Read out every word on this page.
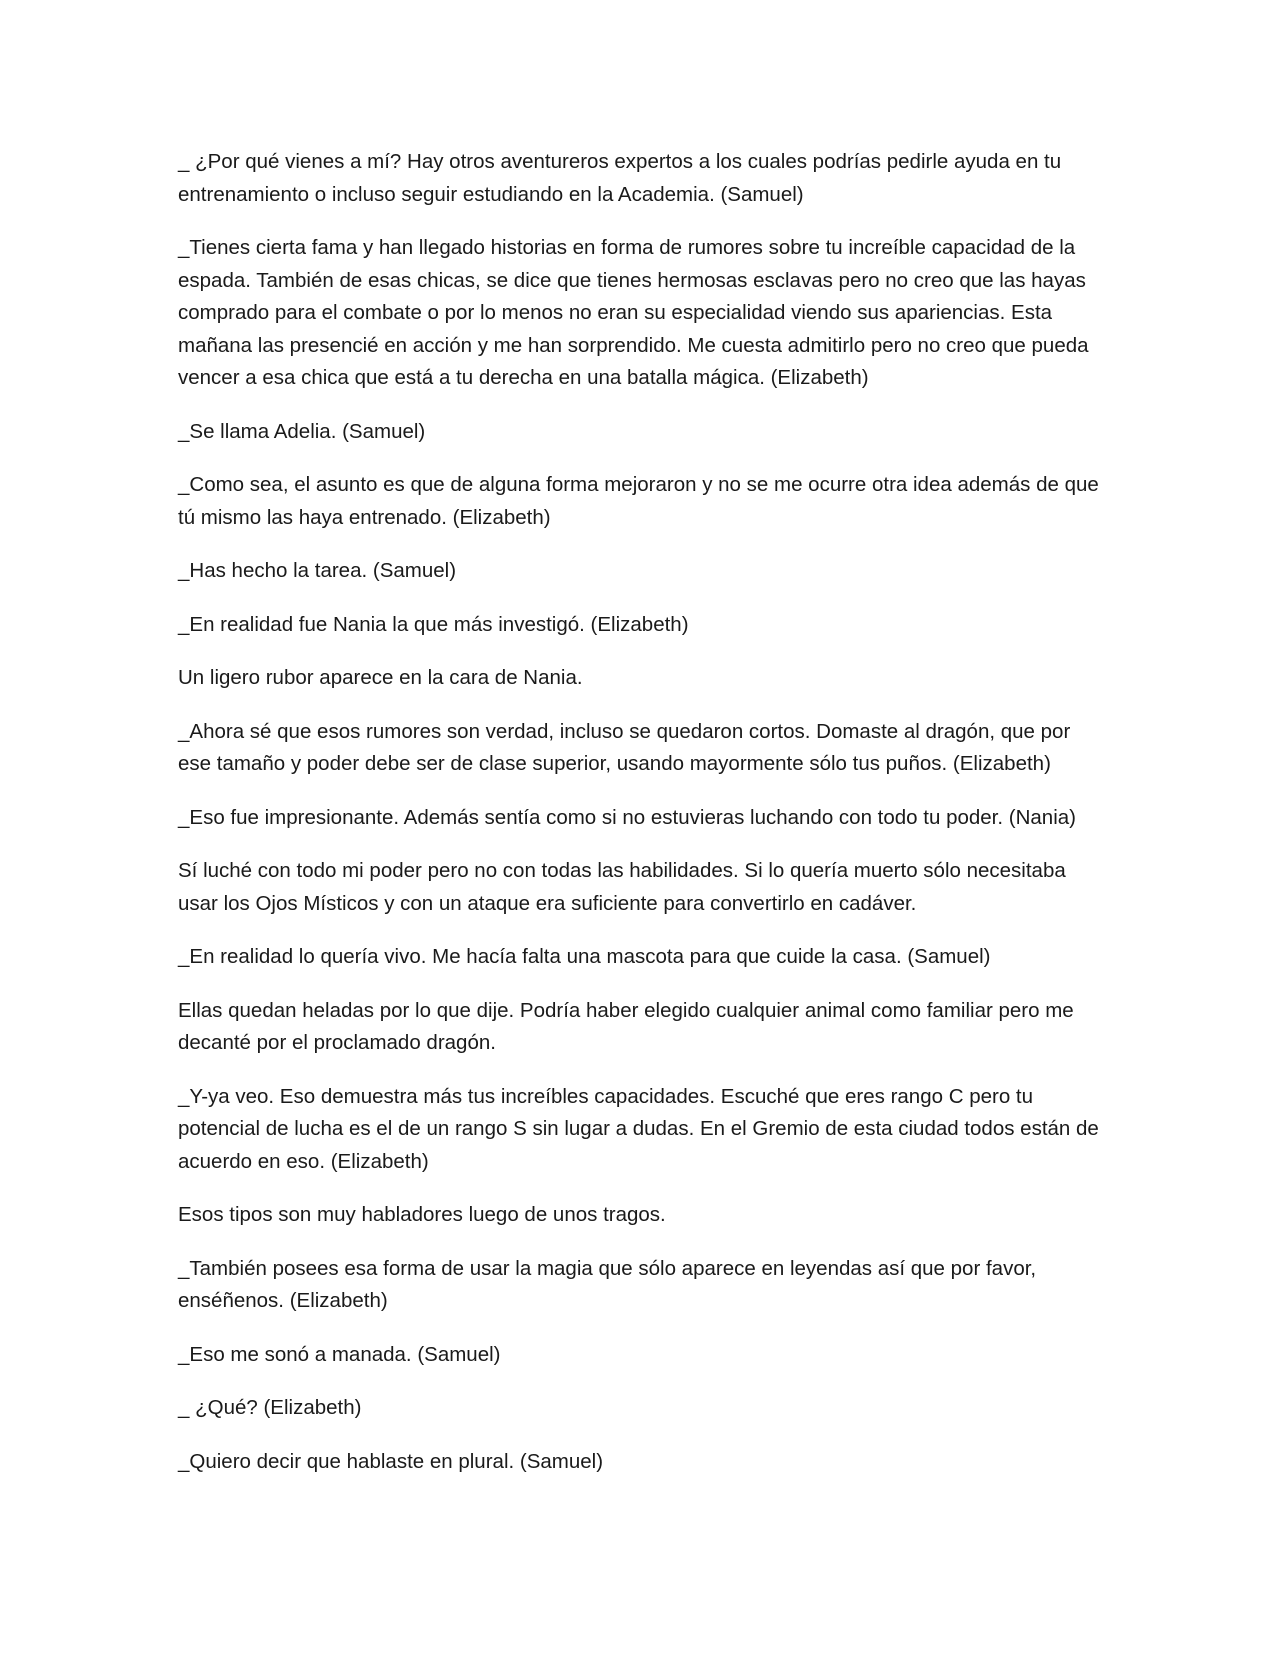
_ ¿Por qué vienes a mí? Hay otros aventureros expertos a los cuales podrías pedirle ayuda en tu entrenamiento o incluso seguir estudiando en la Academia. (Samuel)

_Tienes cierta fama y han llegado historias en forma de rumores sobre tu increíble capacidad de la espada. También de esas chicas, se dice que tienes hermosas esclavas pero no creo que las hayas comprado para el combate o por lo menos no eran su especialidad viendo sus apariencias. Esta mañana las presencié en acción y me han sorprendido. Me cuesta admitirlo pero no creo que pueda vencer a esa chica que está a tu derecha en una batalla mágica. (Elizabeth)

_Se llama Adelia. (Samuel)

_Como sea, el asunto es que de alguna forma mejoraron y no se me ocurre otra idea además de que tú mismo las haya entrenado. (Elizabeth)

_Has hecho la tarea. (Samuel)

_En realidad fue Nania la que más investigó. (Elizabeth)

Un ligero rubor aparece en la cara de Nania.

_Ahora sé que esos rumores son verdad, incluso se quedaron cortos. Domaste al dragón, que por ese tamaño y poder debe ser de clase superior, usando mayormente sólo tus puños. (Elizabeth)

_Eso fue impresionante. Además sentía como si no estuvieras luchando con todo tu poder. (Nania)

Sí luché con todo mi poder pero no con todas las habilidades. Si lo quería muerto sólo necesitaba usar los Ojos Místicos y con un ataque era suficiente para convertirlo en cadáver.

_En realidad lo quería vivo. Me hacía falta una mascota para que cuide la casa. (Samuel)

Ellas quedan heladas por lo que dije. Podría haber elegido cualquier animal como familiar pero me decanté por el proclamado dragón.

_Y-ya veo. Eso demuestra más tus increíbles capacidades. Escuché que eres rango C pero tu potencial de lucha es el de un rango S sin lugar a dudas. En el Gremio de esta ciudad todos están de acuerdo en eso. (Elizabeth)

Esos tipos son muy habladores luego de unos tragos.

_También posees esa forma de usar la magia que sólo aparece en leyendas así que por favor, enséñenos. (Elizabeth)

_Eso me sonó a manada. (Samuel)

_ ¿Qué? (Elizabeth)

_Quiero decir que hablaste en plural. (Samuel)
